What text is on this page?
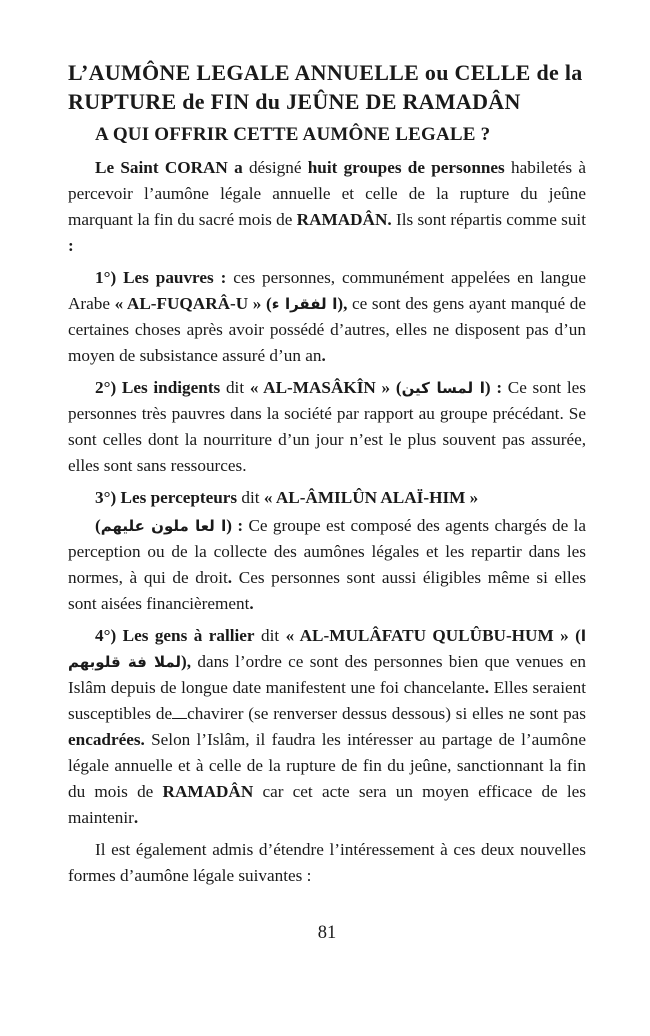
L’AUMÔNE LEGALE ANNUELLE ou CELLE de la
RUPTURE de FIN du JEÛNE DE RAMADÂN
A QUI OFFRIR CETTE AUMÔNE LEGALE ?

Le Saint CORAN a désigné huit groupes de personnes habiletés à percevoir l’aumône légale annuelle et celle de la rupture du jeûne marquant la fin du sacré mois de RAMADÂN. Ils sont répartis comme suit :

1°) Les pauvres : ces personnes, communément appelées en langue Arabe « AL-FUQARÂ-U » (ا لفقرا ء), ce sont des gens ayant manqué de certaines choses après avoir possédé d’autres, elles ne disposent pas d’un moyen de subsistance assuré d’un an.

2°) Les indigents dit « AL-MASÂKÎN » (ا لمسا كين) : Ce sont les personnes très pauvres dans la société par rapport au groupe précédant. Se sont celles dont la nourriture d’un jour n’est le plus souvent pas assurée, elles sont sans ressources.

3°) Les percepteurs dit « AL-ÂMILÛN ALAÏ-HIM »

(ا لعا ملون عليهم) : Ce groupe est composé des agents chargés de la perception ou de la collecte des aumônes légales et les repartir dans les normes, à qui de droit. Ces personnes sont aussi éligibles même si elles sont aisées financièrement.

4°) Les gens à rallier dit « AL-MULÂFATU QULÛBU-HUM » (ا لملا فة قلوبهم), dans l’ordre ce sont des personnes bien que venues en Islâm depuis de longue date manifestent une foi chancelante. Elles seraient susceptibles de chavirer (se renverser dessus dessous) si elles ne sont pas encadrées. Selon l’Islâm, il faudra les intéresser au partage de l’aumône légale annuelle et à celle de la rupture de fin du jeûne, sanctionnant la fin du mois de RAMADÂN car cet acte sera un moyen efficace de les maintenir.

Il est également admis d’étendre l’intéressement à ces deux nouvelles formes d’aumône légale suivantes :

81
